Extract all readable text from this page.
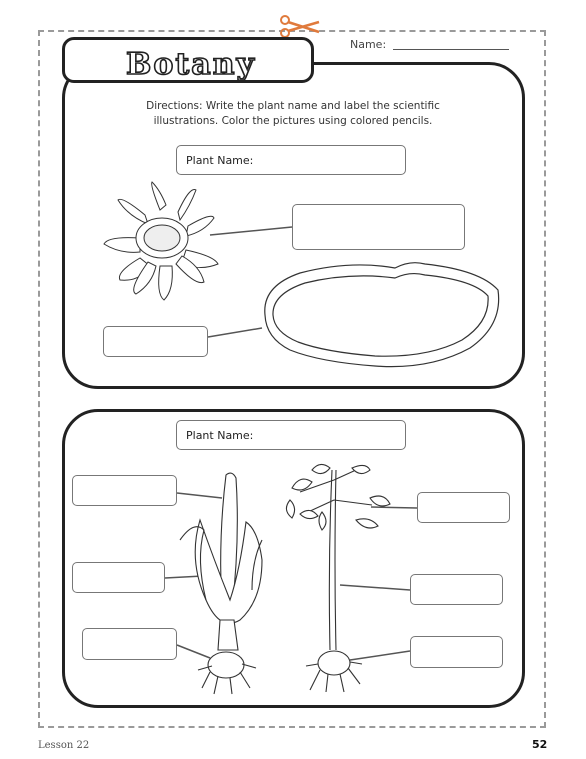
Botany
Name:
Directions: Write the plant name and label the scientific illustrations. Color the pictures using colored pencils.
Plant Name:
Plant Name:
Lesson 22	52
